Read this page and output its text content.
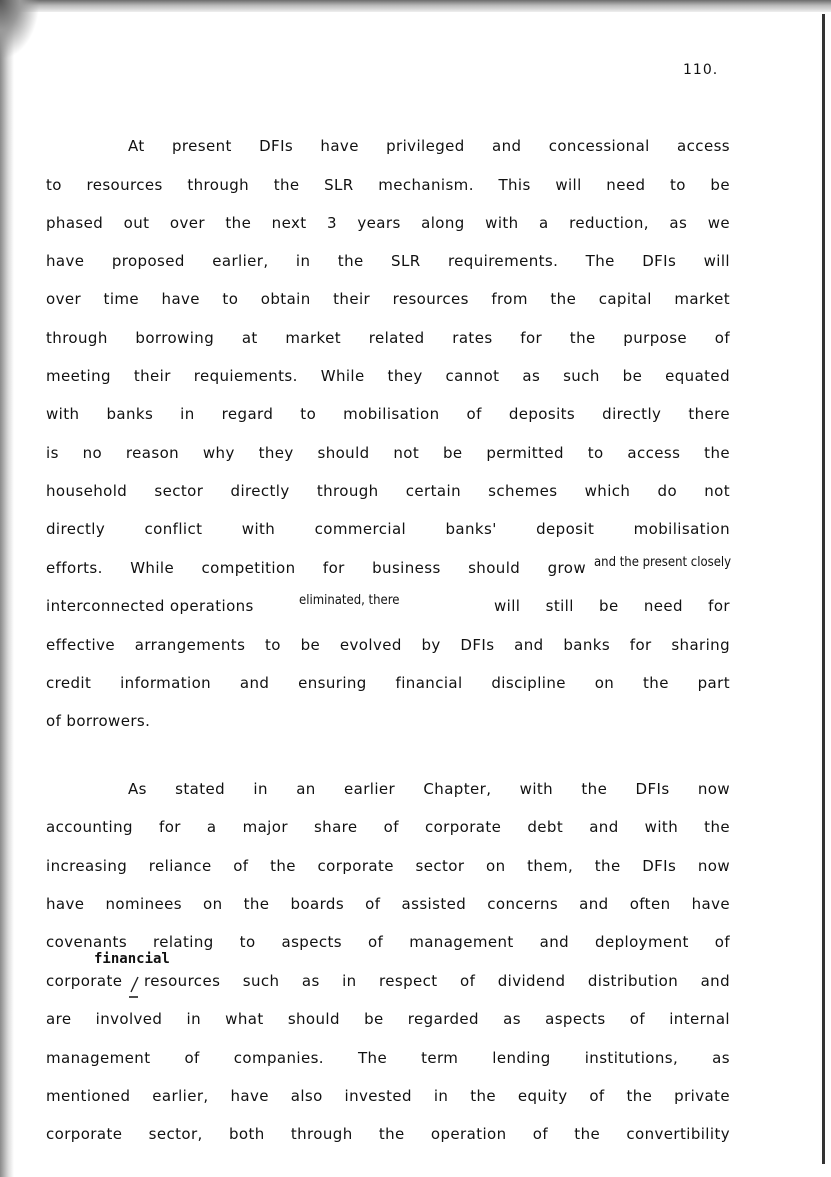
110.
At present DFIs have privileged and concessional access
to resources through the SLR mechanism. This will need to be
phased out over the next 3 years along with a reduction, as we
have proposed earlier, in the SLR requirements. The DFIs will
over time have to obtain their resources from the capital market
through borrowing at market related rates for the purpose of
meeting their requiements. While they cannot as such be equated
with banks in regard to mobilisation of deposits directly there
is no reason why they should not be permitted to access the
household sector directly through certain schemes which do not
directly conflict with commercial banks' deposit mobilisation
efforts. While competition for business should grow and the present closely
interconnected operations	eliminated, there	will still be need for
effective arrangements to be evolved by DFIs and banks for sharing
credit information and ensuring financial discipline on the part
of borrowers.
As stated in an earlier Chapter, with the DFIs now
accounting for a major share of corporate debt and with the
increasing reliance of the corporate sector on them, the DFIs now
have nominees on the boards of assisted concerns and often have
covenants relating to aspects of management and deployment of
financial
corporate resources such as in respect of dividend distribution and
are involved in what should be regarded as aspects of internal
management of companies. The term lending institutions, as
mentioned earlier, have also invested in the equity of the private
corporate sector, both through the operation of the convertibility
